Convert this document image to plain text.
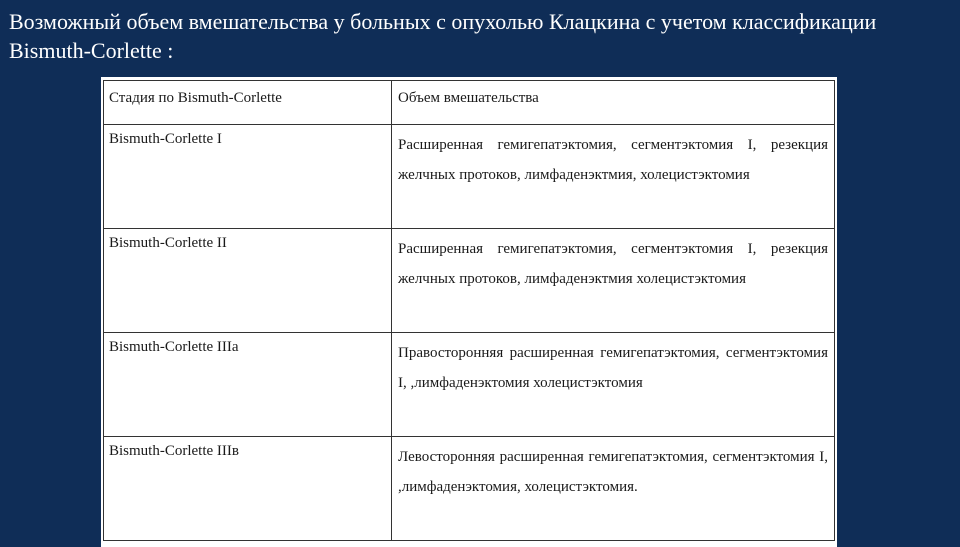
Возможный объем вмешательства у больных с опухолью Клацкина с учетом классификации Bismuth-Corlette :
Стадия по Bismuth-Corlette	Объем вмешательства
Bismuth-Corlette I	Расширенная гемигепатэктомия, сегментэктомия I, резекция желчных протоков, лимфаденэктмия, холецистэктомия

Bismuth-Corlette II	Расширенная гемигепатэктомия, сегментэктомия I, резекция желчных протоков, лимфаденэктмия холецистэктомия

Bismuth-Corlette IIIa	Правосторонняя расширенная гемигепатэктомия, сегментэктомия I, ,лимфаденэктомия холецистэктомия

Bismuth-Corlette IIIв	Левосторонняя расширенная гемигепатэктомия, сегментэктомия I, ,лимфаденэктомия, холецистэктомия.
